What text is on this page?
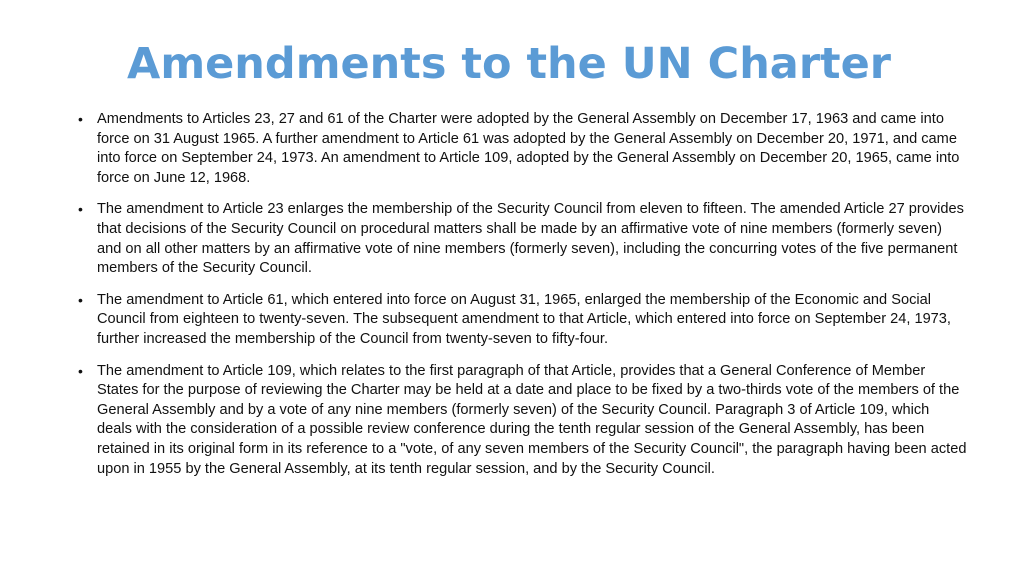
Amendments to the UN Charter
• Amendments to Articles 23, 27 and 61 of the Charter were adopted by the General Assembly on December 17, 1963 and came into force on 31 August 1965. A further amendment to Article 61 was adopted by the General Assembly on December 20, 1971, and came into force on September 24, 1973. An amendment to Article 109, adopted by the General Assembly on December 20, 1965, came into force on June 12, 1968.
• The amendment to Article 23 enlarges the membership of the Security Council from eleven to fifteen. The amended Article 27 provides that decisions of the Security Council on procedural matters shall be made by an affirmative vote of nine members (formerly seven) and on all other matters by an affirmative vote of nine members (formerly seven), including the concurring votes of the five permanent members of the Security Council.
• The amendment to Article 61, which entered into force on August 31, 1965, enlarged the membership of the Economic and Social Council from eighteen to twenty-seven. The subsequent amendment to that Article, which entered into force on September 24, 1973, further increased the membership of the Council from twenty-seven to fifty-four.
• The amendment to Article 109, which relates to the first paragraph of that Article, provides that a General Conference of Member States for the purpose of reviewing the Charter may be held at a date and place to be fixed by a two-thirds vote of the members of the General Assembly and by a vote of any nine members (formerly seven) of the Security Council. Paragraph 3 of Article 109, which deals with the consideration of a possible review conference during the tenth regular session of the General Assembly, has been retained in its original form in its reference to a "vote, of any seven members of the Security Council", the paragraph having been acted upon in 1955 by the General Assembly, at its tenth regular session, and by the Security Council.
